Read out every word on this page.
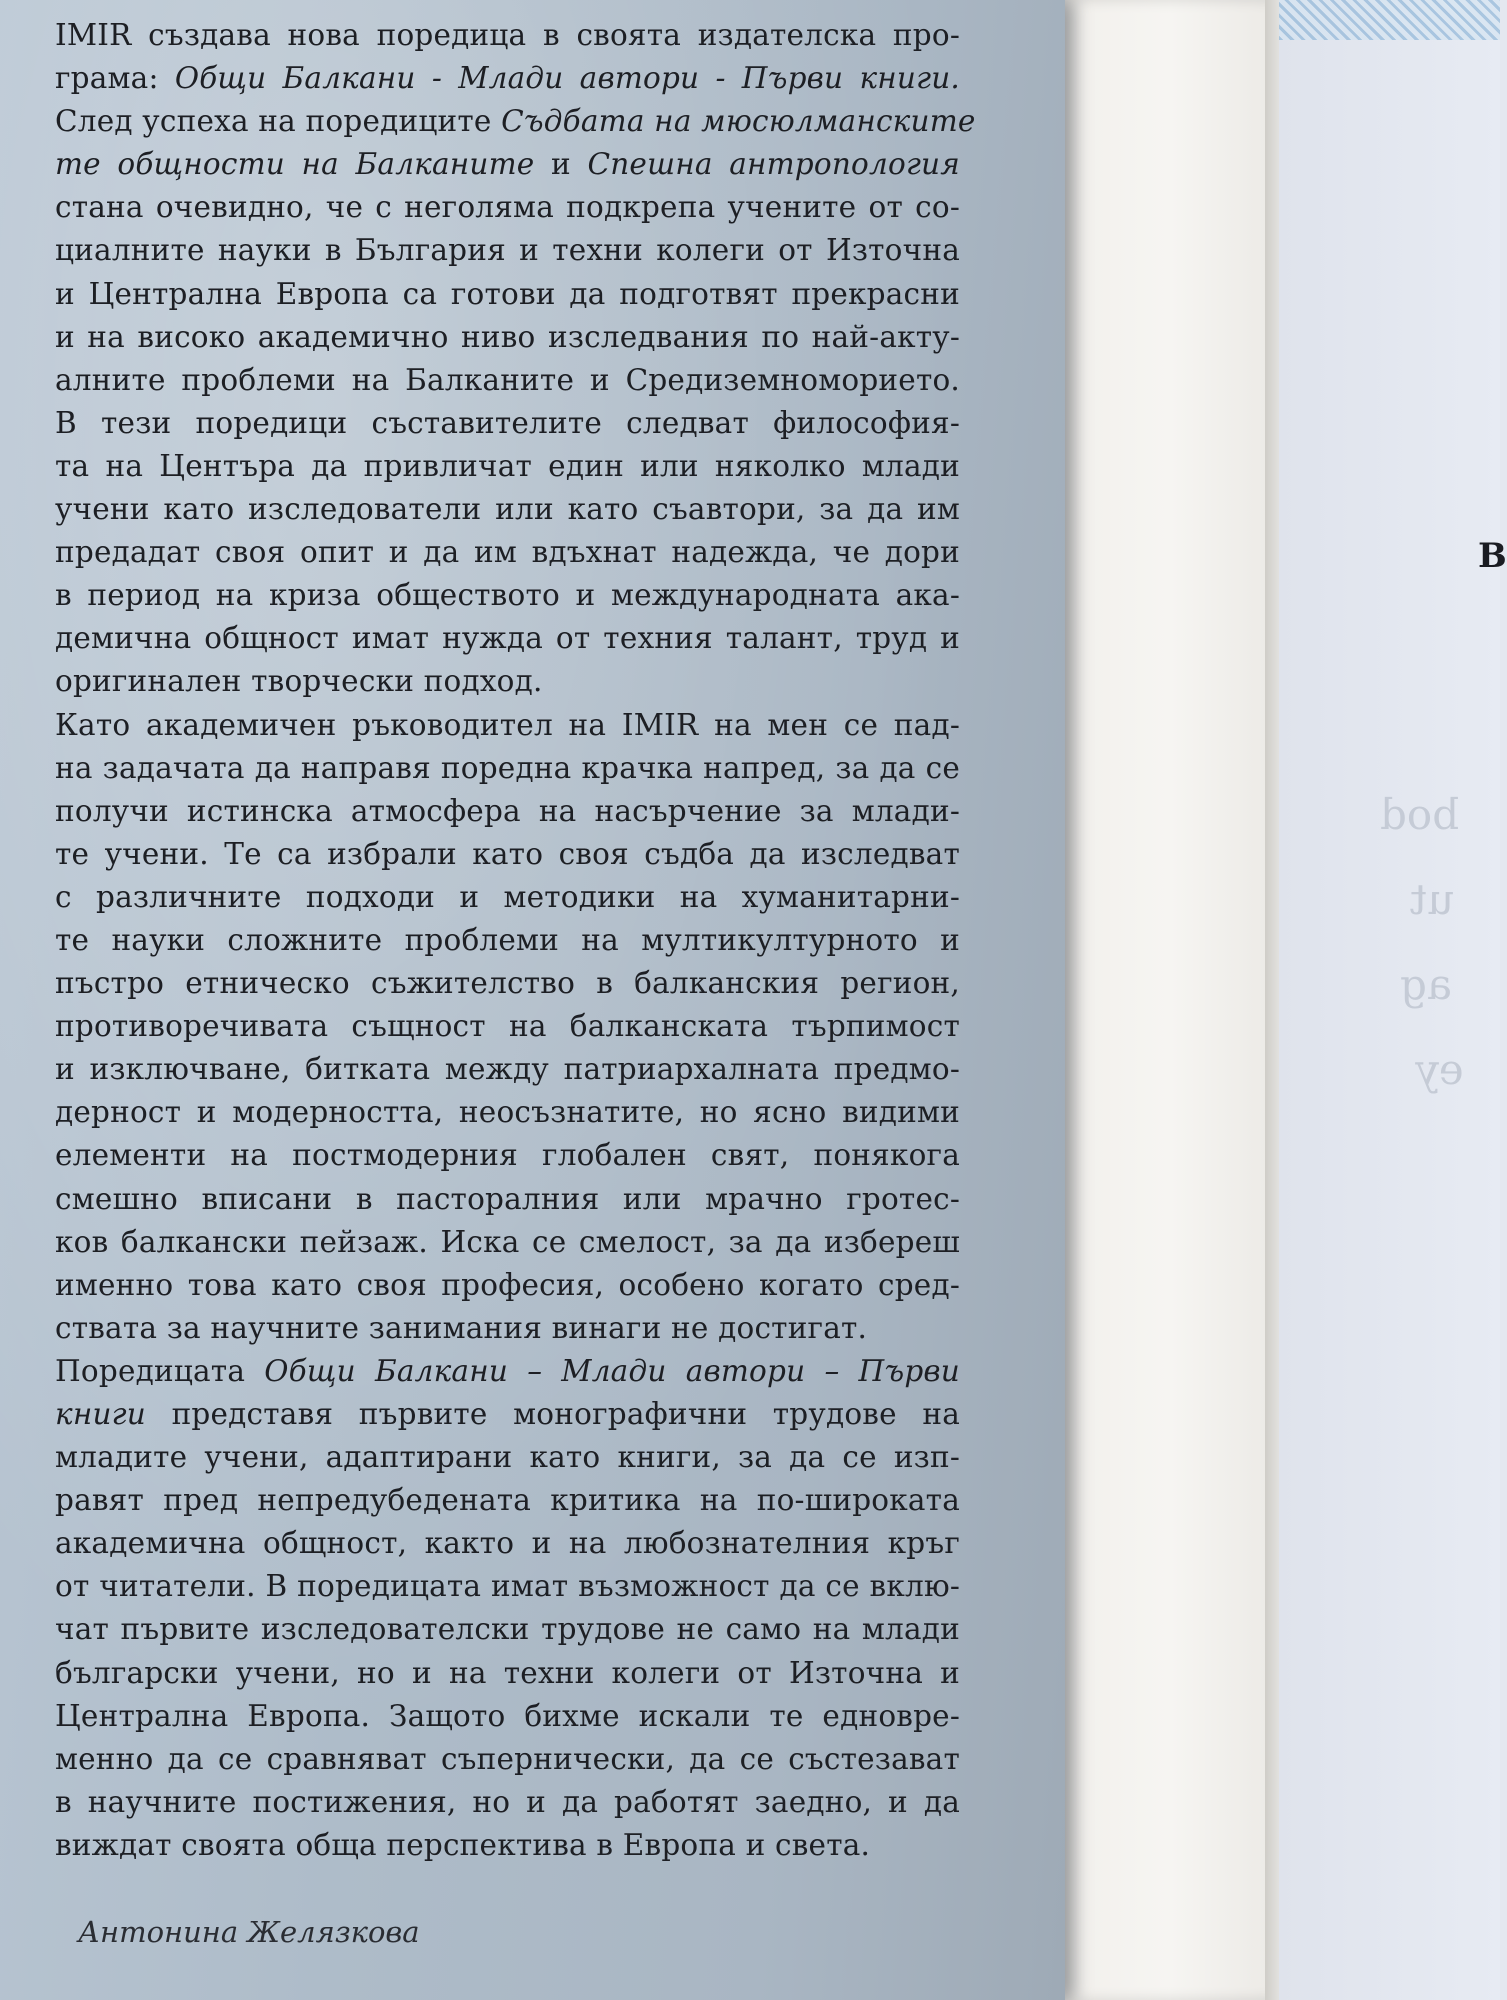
bod
ut
ag
ey
В
IMIR създава нова поредица в своята издателска про-
грама: Общи Балкани - Млади автори - Първи книги.
След успеха на поредиците Съдбата на мюсюлманските
те общности на Балканите и Спешна антропология
стана очевидно, че с неголяма подкрепа учените от со-
циалните науки в България и техни колеги от Източна
и Централна Европа са готови да подготвят прекрасни
и на високо академично ниво изследвания по най-акту-
алните проблеми на Балканите и Средиземноморието.
В тези поредици съставителите следват философия-
та на Центъра да привличат един или няколко млади
учени като изследователи или като съавтори, за да им
предадат своя опит и да им вдъхнат надежда, че дори
в период на криза обществото и международната ака-
демична общност имат нужда от техния талант, труд и
оригинален творчески подход.
Като академичен ръководител на IMIR на мен се пад-
на задачата да направя поредна крачка напред, за да се
получи истинска атмосфера на насърчение за млади-
те учени. Те са избрали като своя съдба да изследват
с различните подходи и методики на хуманитарни-
те науки сложните проблеми на мултикултурното и
пъстро етническо съжителство в балканския регион,
противоречивата същност на балканската търпимост
и изключване, битката между патриархалната предмо-
дерност и модерността, неосъзнатите, но ясно видими
елементи на постмодерния глобален свят, понякога
смешно вписани в пасторалния или мрачно гротес-
ков балкански пейзаж. Иска се смелост, за да избереш
именно това като своя професия, особено когато сред-
ствата за научните занимания винаги не достигат.
Поредицата Общи Балкани – Млади автори – Първи
книги представя първите монографични трудове на
младите учени, адаптирани като книги, за да се изп-
равят пред непредубедената критика на по-широката
академична общност, както и на любознателния кръг
от читатели. В поредицата имат възможност да се вклю-
чат първите изследователски трудове не само на млади
български учени, но и на техни колеги от Източна и
Централна Европа. Защото бихме искали те едновре-
менно да се сравняват съпернически, да се състезават
в научните постижения, но и да работят заедно, и да
виждат своята обща перспектива в Европа и света.
Антонина Желязкова
